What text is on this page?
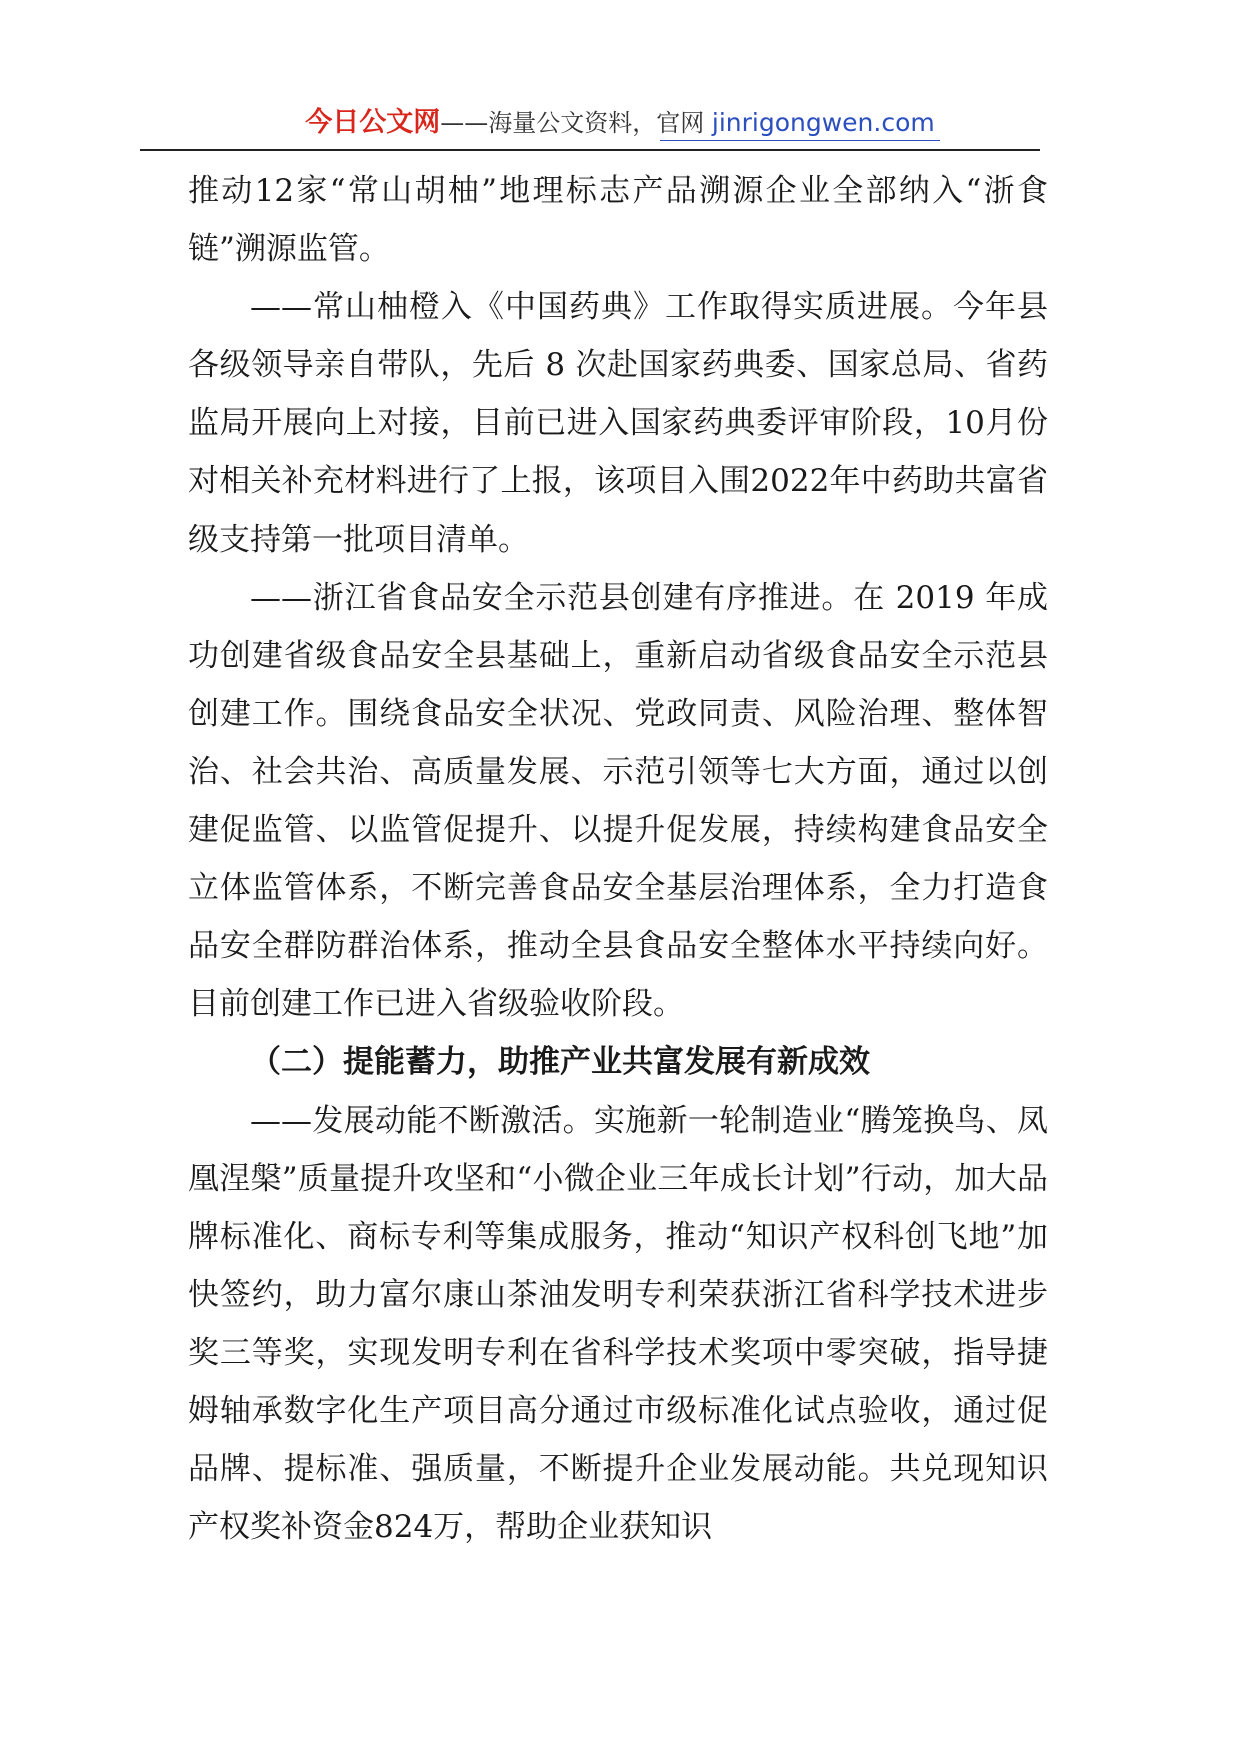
今日公文网——海量公文资料，官网 jinrigongwen.com

推动12家“常山胡柚”地理标志产品溯源企业全部纳入“浙食链”溯源监管。

——常山柚橙入《中国药典》工作取得实质进展。今年县各级领导亲自带队，先后 8 次赴国家药典委、国家总局、省药监局开展向上对接，目前已进入国家药典委评审阶段，10月份对相关补充材料进行了上报，该项目入围2022年中药助共富省级支持第一批项目清单。

——浙江省食品安全示范县创建有序推进。在 2019 年成功创建省级食品安全县基础上，重新启动省级食品安全示范县创建工作。围绕食品安全状况、党政同责、风险治理、整体智治、社会共治、高质量发展、示范引领等七大方面，通过以创建促监管、以监管促提升、以提升促发展，持续构建食品安全立体监管体系，不断完善食品安全基层治理体系，全力打造食品安全群防群治体系，推动全县食品安全整体水平持续向好。目前创建工作已进入省级验收阶段。

（二）提能蓄力，助推产业共富发展有新成效

——发展动能不断激活。实施新一轮制造业“腾笼换鸟、凤凰涅槃”质量提升攻坚和“小微企业三年成长计划”行动，加大品牌标准化、商标专利等集成服务，推动“知识产权科创飞地”加快签约，助力富尔康山茶油发明专利荣获浙江省科学技术进步奖三等奖，实现发明专利在省科学技术奖项中零突破，指导捷姆轴承数字化生产项目高分通过市级标准化试点验收，通过促品牌、提标准、强质量，不断提升企业发展动能。共兑现知识产权奖补资金824万，帮助企业获知识
